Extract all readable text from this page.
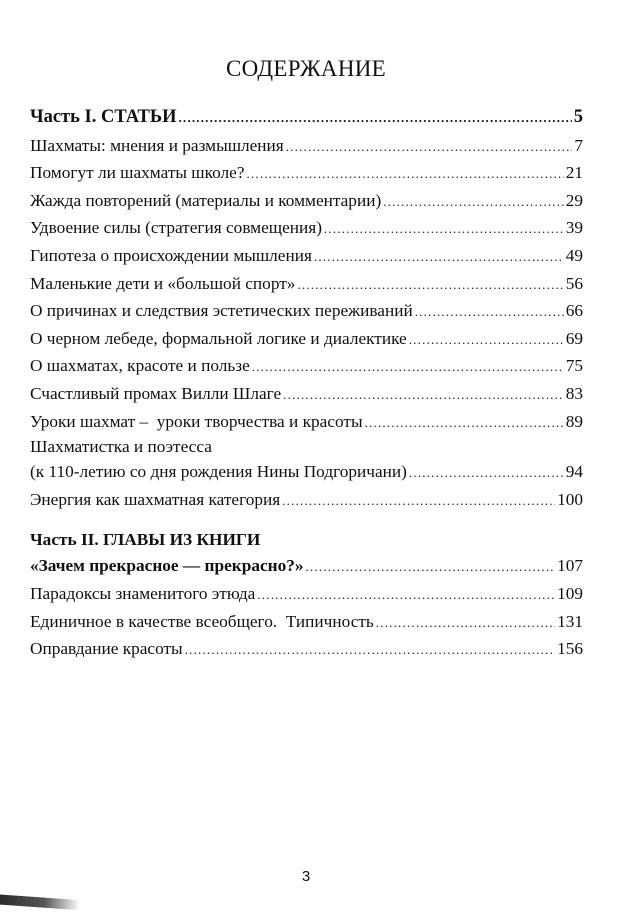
СОДЕРЖАНИЕ
Часть I. СТАТЬИ .....	5
Шахматы: мнения и размышления .....	7
Помогут ли шахматы школе? .....	21
Жажда повторений (материалы и комментарии) .....	29
Удвоение силы (стратегия совмещения) .....	39
Гипотеза о происхождении мышления .....	49
Маленькие дети и «большой спорт» .....	56
О причинах и следствия эстетических переживаний .....	66
О черном лебеде, формальной логике и диалектике .....	69
О шахматах, красоте и пользе .....	75
Счастливый промах Вилли Шлаге .....	83
Уроки шахмат –  уроки творчества и красоты .....	89
Шахматистка и поэтесса
(к 110-летию со дня рождения Нины Подгоричани) .....	94
Энергия как шахматная категория .....	100
Часть II. ГЛАВЫ ИЗ КНИГИ
«Зачем прекрасное — прекрасно?» .....	107
Парадоксы знаменитого этюда .....	109
Единичное в качестве всеобщего.  Типичность .....	131
Оправдание красоты .....	156
3
